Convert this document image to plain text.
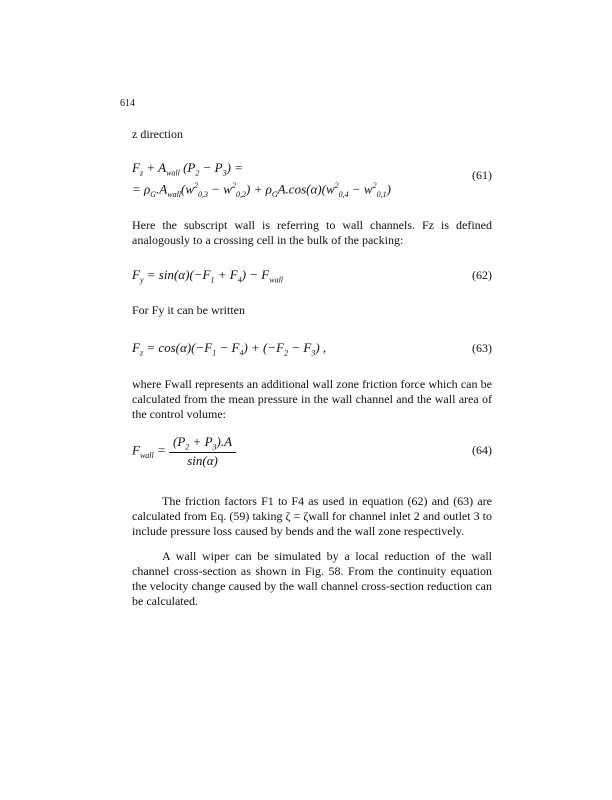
614
z direction
$F_z + A_{wall}$ $(P_2 - P_3)$ =
= $\rho_G.A_{wall}(w^2_{0,3} - w^2_{0,2}) + \rho_GA.\cos(\alpha)(w^2_{0,4} - w^2_{0,1})$
(61)
Here the subscript wall is referring to wall channels. Fz is defined analogously to a crossing cell in the bulk of the packing:
$F_y = \sin(\alpha)(-F_1 + F_4) - F_{wall}$	(62)
For Fy it can be written
$F_z = \cos(\alpha)(-F_1 - F_4) + (-F_2 - F_3)$ ,	(63)
where Fwall represents an additional wall zone friction force which can be calculated from the mean pressure in the wall channel and the wall area of the control volume:
$F_{wall} = \frac{(P_2 + P_3).A}{\sin(\alpha)}$	(64)
The friction factors F1 to F4 as used in equation (62) and (63) are calculated from Eq. (59) taking ζ = ζwall for channel inlet 2 and outlet 3 to include pressure loss caused by bends and the wall zone respectively.
A wall wiper can be simulated by a local reduction of the wall channel cross-section as shown in Fig. 58. From the continuity equation the velocity change caused by the wall channel cross-section reduction can be calculated.
